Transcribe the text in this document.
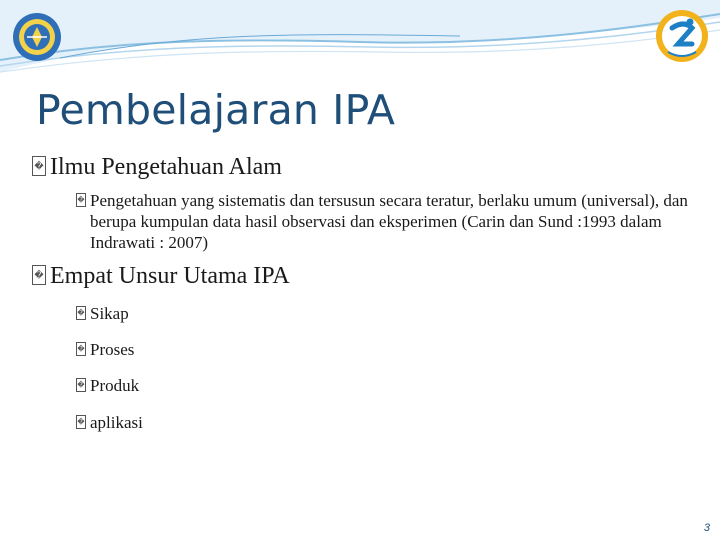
Pembelajaran IPA
� Ilmu Pengetahuan Alam
� Pengetahuan yang sistematis dan tersusun secara teratur, berlaku umum (universal), dan berupa kumpulan data hasil observasi dan eksperimen (Carin dan Sund :1993 dalam Indrawati : 2007)
� Empat Unsur Utama IPA
� Sikap
� Proses
� Produk
� aplikasi
3
